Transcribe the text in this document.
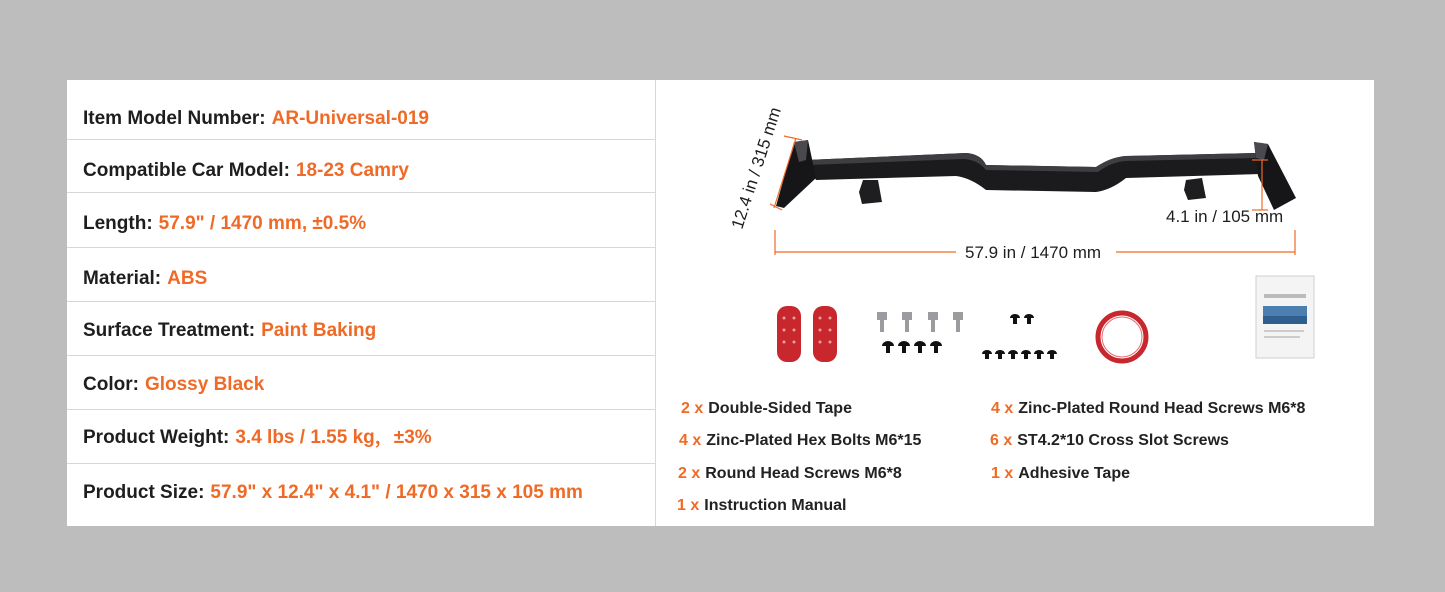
Item Model Number: AR-Universal-019
Compatible Car Model: 18-23 Camry
Length: 57.9" / 1470 mm, ±0.5%
Material: ABS
Surface Treatment: Paint Baking
Color: Glossy Black
Product Weight: 3.4 lbs / 1.55 kg，±3%
Product Size: 57.9" x 12.4" x 4.1" / 1470 x 315 x 105 mm
12.4 in / 315 mm	4.1 in / 105 mm
57.9 in / 1470 mm
2 x Double-Sided Tape	4 x Zinc-Plated Round Head Screws M6*8
4 x Zinc-Plated Hex Bolts M6*15	6 x ST4.2*10 Cross Slot Screws
2 x Round Head Screws M6*8	1 x Adhesive Tape
1 x Instruction Manual
